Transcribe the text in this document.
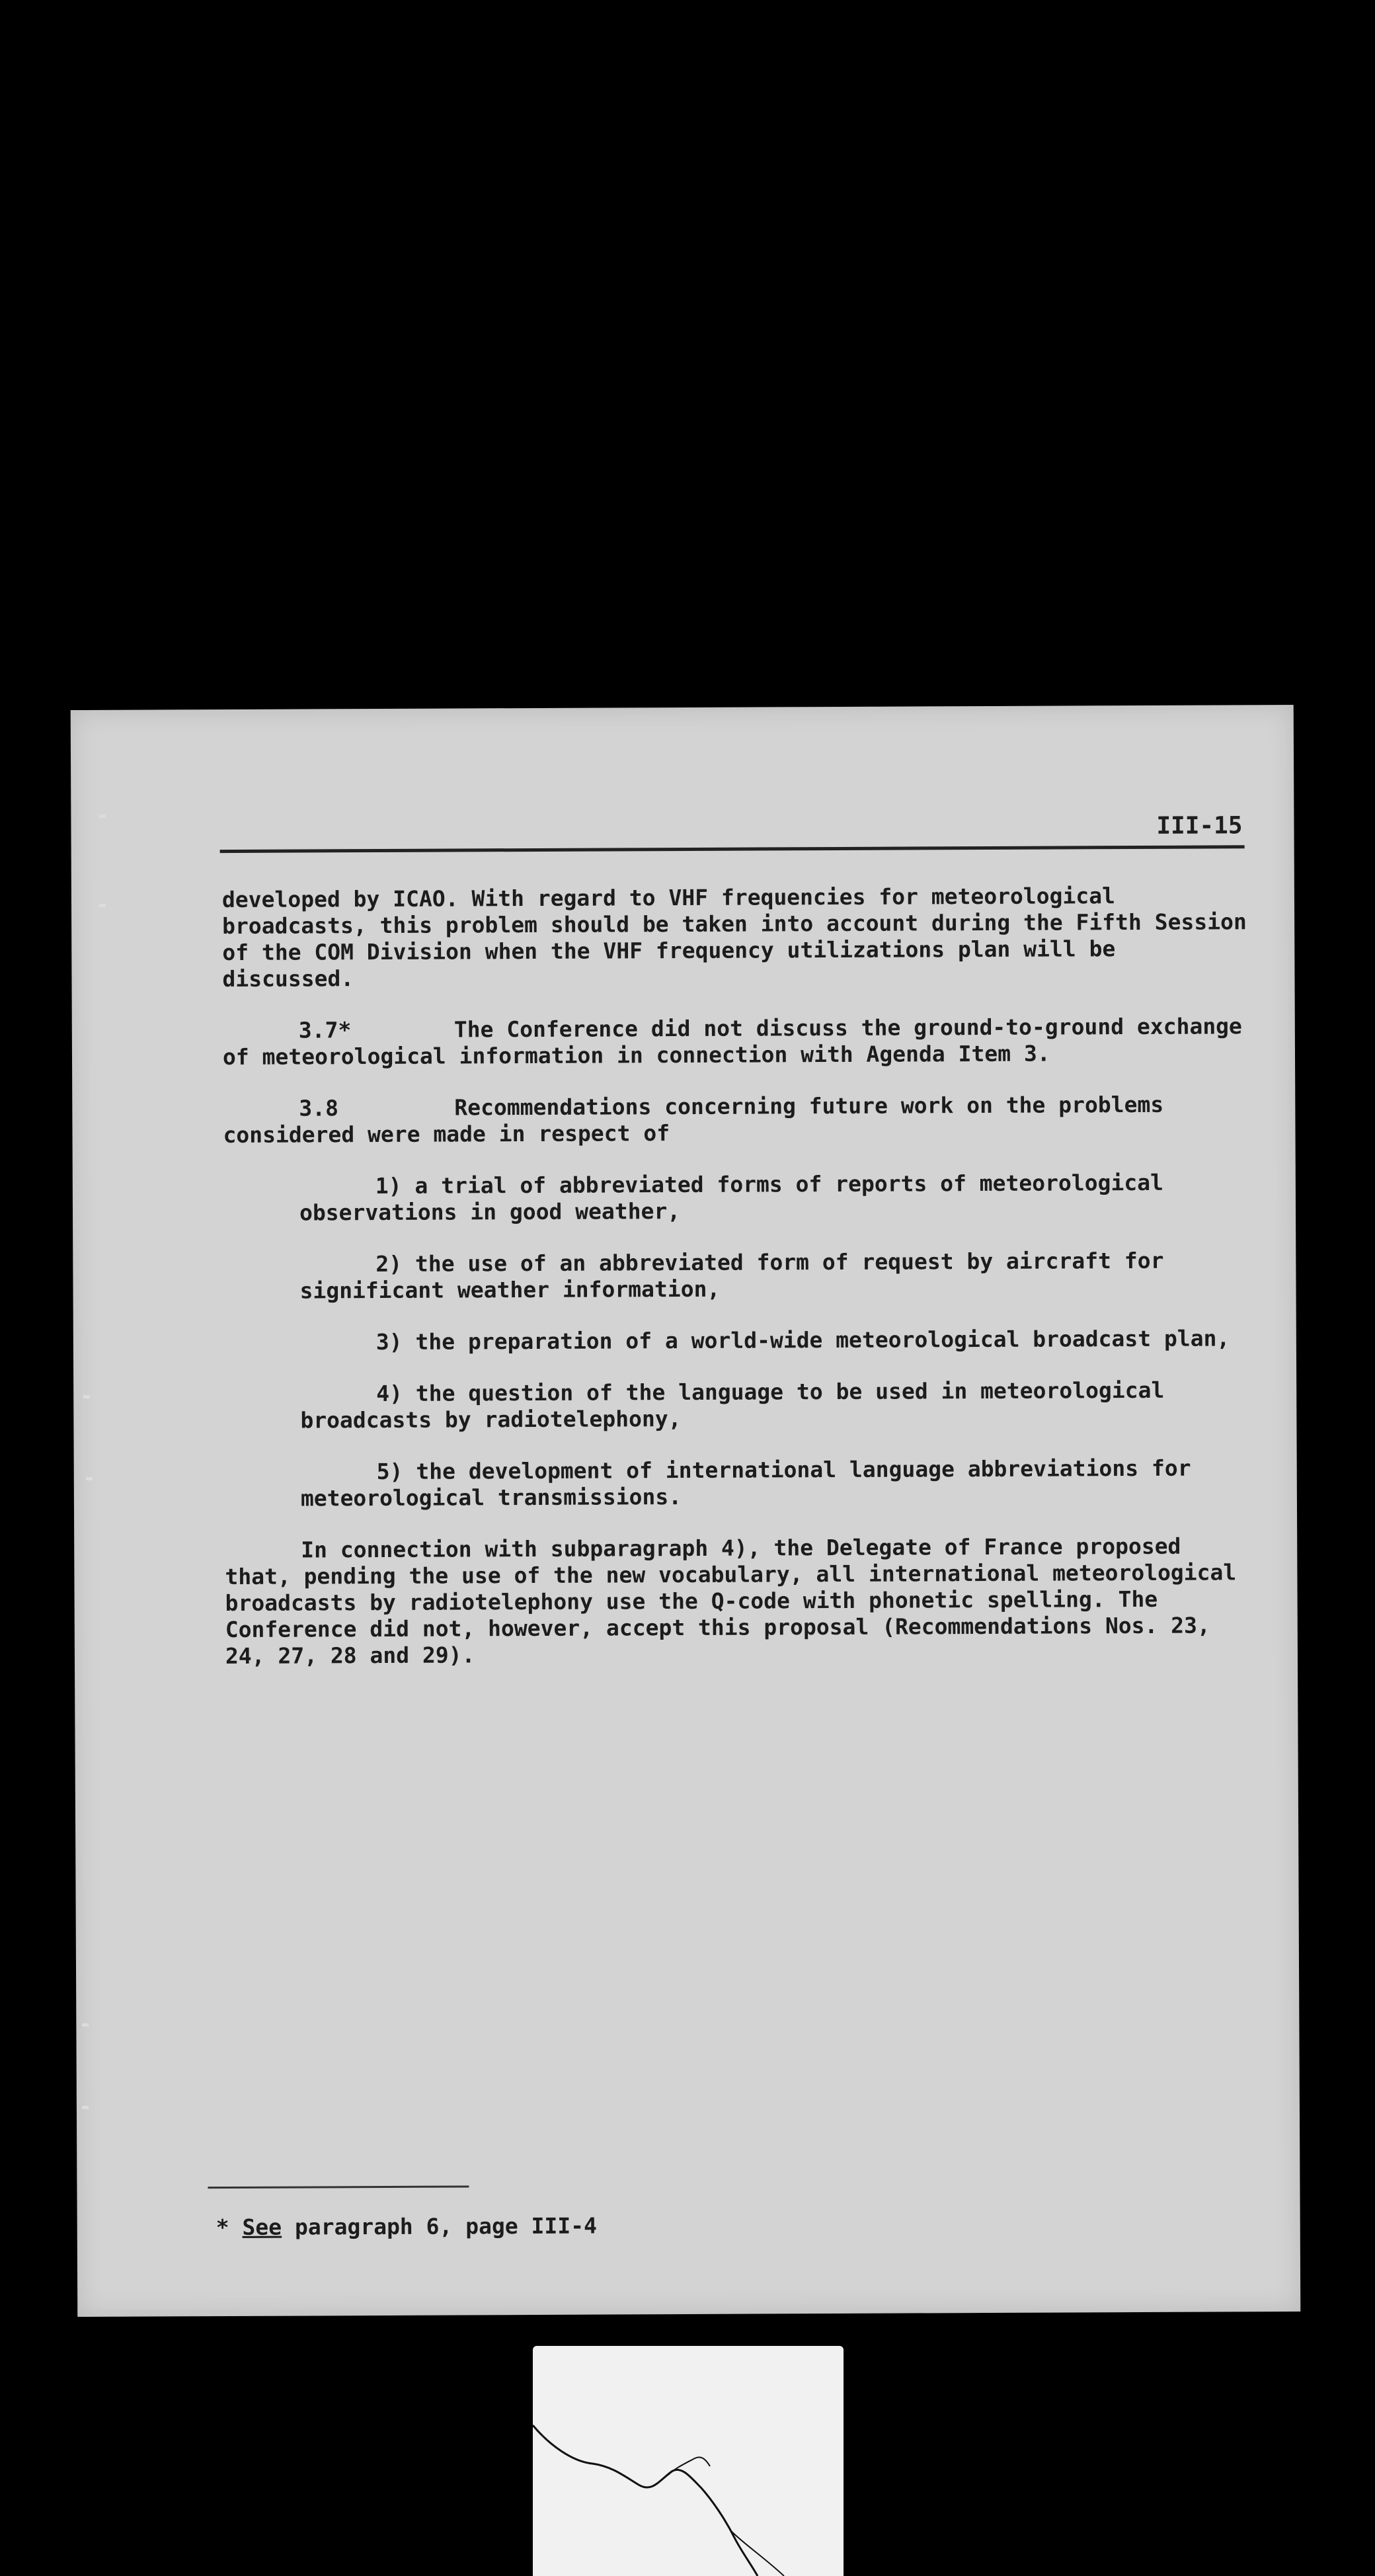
III-15

developed by ICAO. With regard to VHF frequencies for meteorological broadcasts, this problem should be taken into account during the Fifth Session of the COM Division when the VHF frequency utilizations plan will be discussed.

3.7*	The Conference did not discuss the ground-to-ground exchange of meteorological information in connection with Agenda Item 3.

3.8	Recommendations concerning future work on the problems considered were made in respect of

1) a trial of abbreviated forms of reports of meteorological observations in good weather,
2) the use of an abbreviated form of request by aircraft for significant weather information,
3) the preparation of a world-wide meteorological broadcast plan,
4) the question of the language to be used in meteorological broadcasts by radiotelephony,
5) the development of international language abbreviations for meteorological transmissions.

In connection with subparagraph 4), the Delegate of France proposed that, pending the use of the new vocabulary, all international meteorological broadcasts by radiotelephony use the Q-code with phonetic spelling. The Conference did not, however, accept this proposal (Recommendations Nos. 23, 24, 27, 28 and 29).

* See paragraph 6, page III-4
